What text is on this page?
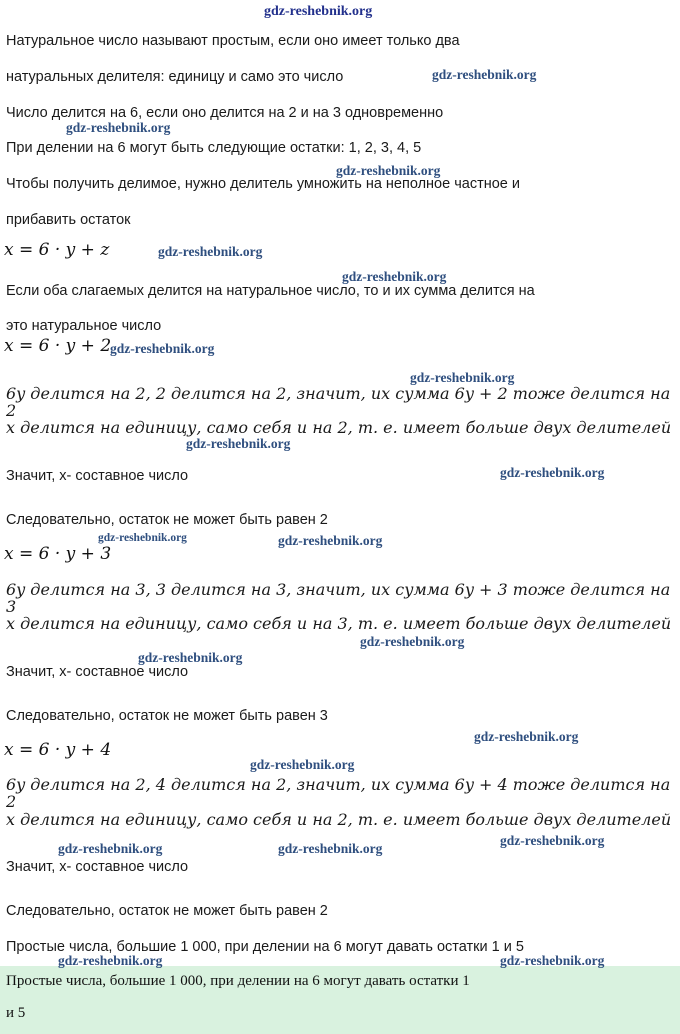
Натуральное число называют простым, если оно имеет только два
натуральных делителя: единицу и само это число
Число делится на 6, если оно делится на 2 и на 3 одновременно
При делении на 6 могут быть следующие остатки: 1, 2, 3, 4, 5
Чтобы получить делимое, нужно делитель умножить на неполное частное и
прибавить остаток
x = 6 · y + z
Если оба слагаемых делится на натуральное число, то и их сумма делится на
это натуральное число
x = 6 · y + 2
6y делится на 2, 2 делится на 2, значит, их сумма 6y + 2 тоже делится на 2
x делится на единицу, само себя и на 2, т. е. имеет больше двух делителей
Значит, x- составное число
Следовательно, остаток не может быть равен 2
x = 6 · y + 3
6y делится на 3, 3 делится на 3, значит, их сумма 6y + 3 тоже делится на 3
x делится на единицу, само себя и на 3, т. е. имеет больше двух делителей
Значит, x- составное число
Следовательно, остаток не может быть равен 3
x = 6 · y + 4
6y делится на 2, 4 делится на 2, значит, их сумма 6y + 4 тоже делится на 2
x делится на единицу, само себя и на 2, т. е. имеет больше двух делителей
Значит, x- составное число
Следовательно, остаток не может быть равен 2
Простые числа, большие 1 000, при делении на 6 могут давать остатки 1 и 5
Простые числа, большие 1 000, при делении на 6 могут давать остатки 1
и 5
gdz-reshebnik.org
gdz-reshebnik.org
gdz-reshebnik.org
gdz-reshebnik.org
gdz-reshebnik.org
gdz-reshebnik.org
gdz-reshebnik.org
gdz-reshebnik.org
gdz-reshebnik.org
gdz-reshebnik.org
gdz-reshebnik.org	gdz-reshebnik.org
gdz-reshebnik.org
gdz-reshebnik.org
gdz-reshebnik.org
gdz-reshebnik.org
gdz-reshebnik.org
gdz-reshebnik.org	gdz-reshebnik.org
gdz-reshebnik.org	gdz-reshebnik.org
